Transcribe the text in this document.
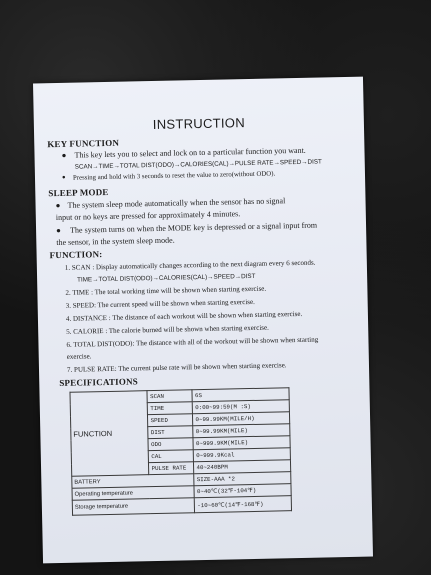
INSTRUCTION
KEY FUNCTION
● This key lets you to select and lock on to a particular function you want.
SCAN→TIME→TOTAL DIST(ODO)→CALORIES(CAL)→PULSE RATE→SPEED→DIST
● Pressing and hold with 3 seconds to reset the value to zero(without ODO).
SLEEP MODE
● The system sleep mode automatically when the sensor has no signal
input or no keys are pressed for approximately 4 minutes.
● The system turns on when the MODE key is depressed or a signal input from
the sensor, in the system sleep mode.
FUNCTION:
1. SCAN : Display automatically changes according to the next diagram every 6 seconds.
TIME→TOTAL DIST(ODO)→CALORIES(CAL)→SPEED→DIST
2. TIME : The total working time will be shown when starting exercise.
3. SPEED: The current speed will be shown when starting exercise.
4. DISTANCE : The distance of each workout will be shown when starting exercise.
5. CALORIE : The calorie burned will be shown when starting exercise.
6. TOTAL DIST(ODO): The distance with all of the workout will be shown when starting
exercise.
7. PULSE RATE: The current pulse rate will be shown when starting exercise.
SPECIFICATIONS
FUNCTION	SCAN	6S
	TIME	0:00~99:59(M :S)
	SPEED	0~99.99KM(MILE/H)
	DIST	0~99.99KM(MILE)
	ODO	0~999.9KM(MILE)
	CAL	0~999.9Kcal
	PULSE RATE	40~240BPM
BATTERY		SIZE-AAA *2
Operating temperature		0~40℃(32℉-104℉)
Storage temperature		-10~60℃(14℉-168℉)
